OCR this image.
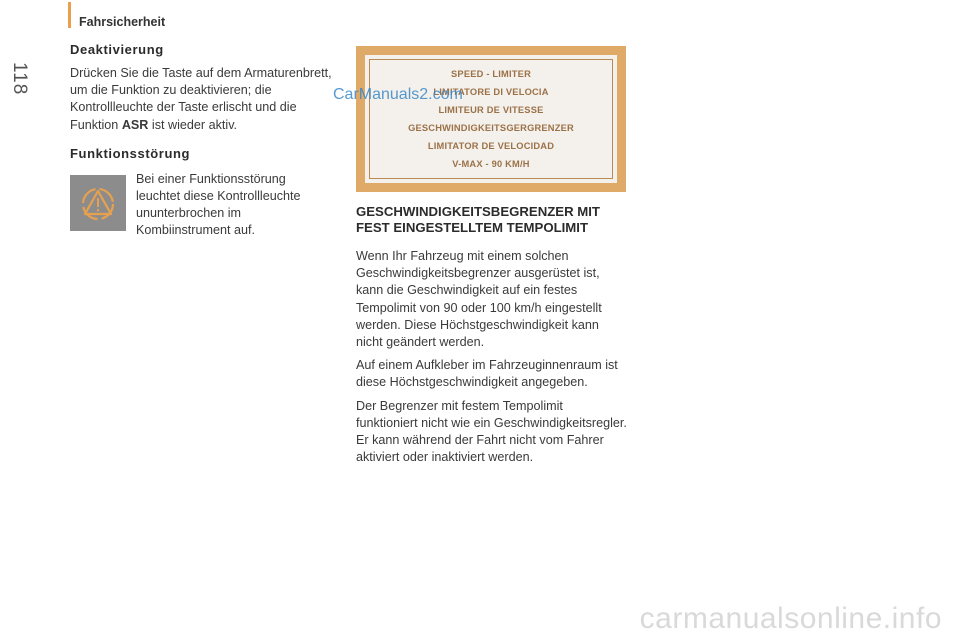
Fahrsicherheit
118
Deaktivierung

Drücken Sie die Taste auf dem Armaturenbrett, um die Funktion zu deaktivieren; die Kontrollleuchte der Taste erlischt und die Funktion ASR ist wieder aktiv.

Funktionsstörung

Bei einer Funktionsstörung leuchtet diese Kontrollleuchte ununterbrochen im Kombiinstrument auf.

SPEED - LIMITER
LIMITATORE DI VELOCIA
LIMITEUR DE VITESSE
GESCHWINDIGKEITSGERGRENZER
LIMITATOR DE VELOCIDAD
V-MAX - 90 KM/H
CarManuals2.com
GESCHWINDIGKEITSBEGRENZER MIT FEST EINGESTELLTEM TEMPOLIMIT

Wenn Ihr Fahrzeug mit einem solchen Geschwindigkeitsbegrenzer ausgerüstet ist, kann die Geschwindigkeit auf ein festes Tempolimit von 90 oder 100 km/h eingestellt werden. Diese Höchstgeschwindigkeit kann nicht geändert werden.

Auf einem Aufkleber im Fahrzeuginnenraum ist diese Höchstgeschwindigkeit angegeben.

Der Begrenzer mit festem Tempolimit funktioniert nicht wie ein Geschwindigkeitsregler. Er kann während der Fahrt nicht vom Fahrer aktiviert oder inaktiviert werden.

carmanualsonline.info
